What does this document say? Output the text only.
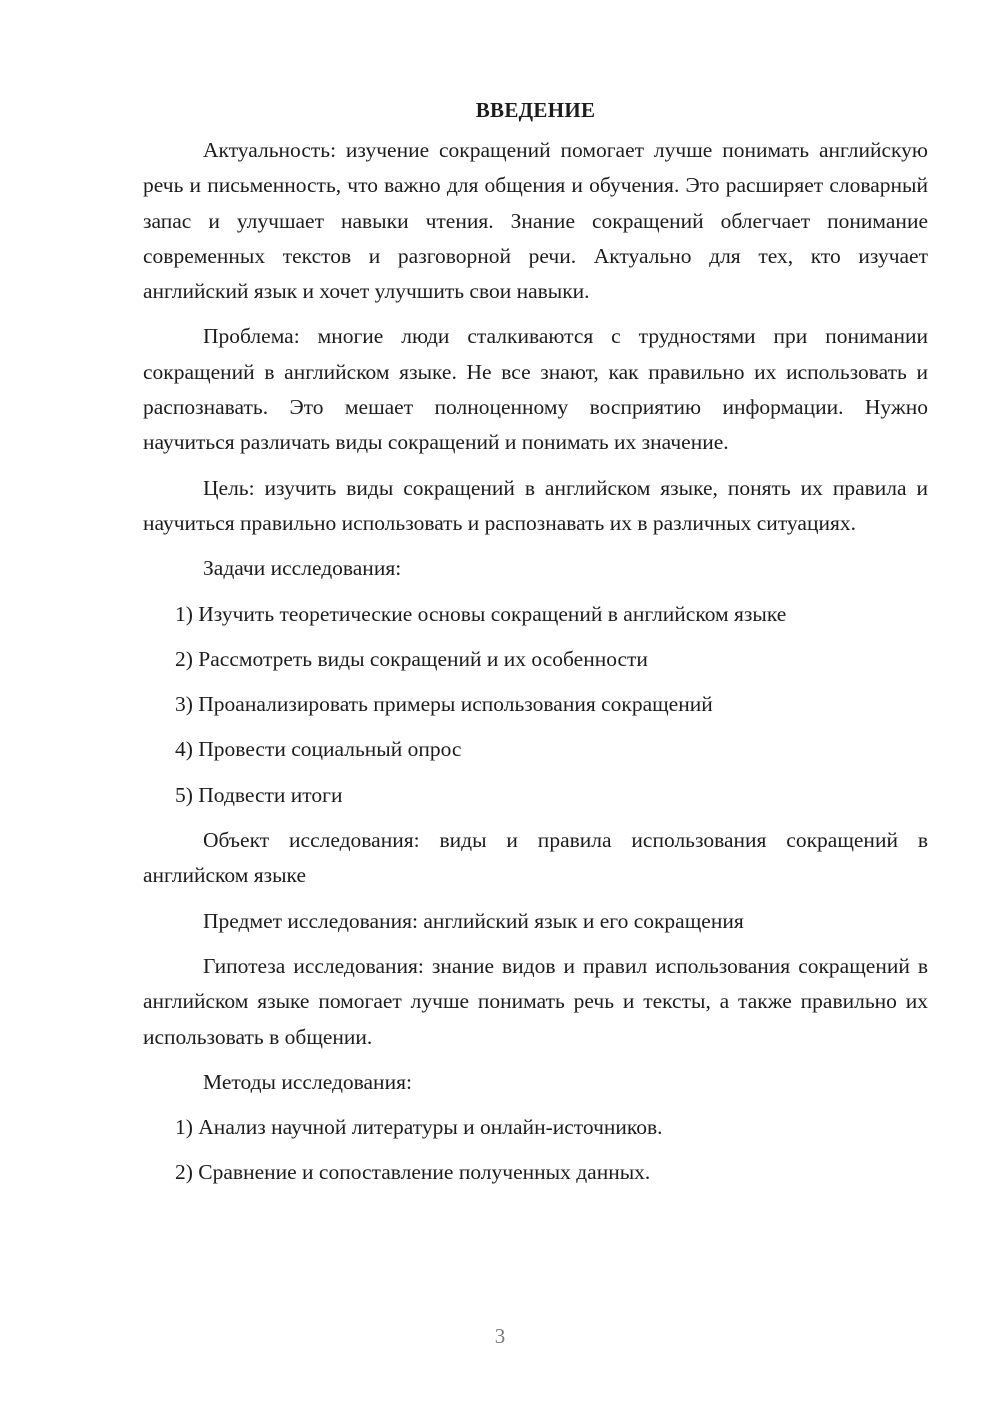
ВВЕДЕНИЕ

Актуальность: изучение сокращений помогает лучше понимать английскую речь и письменность, что важно для общения и обучения. Это расширяет словарный запас и улучшает навыки чтения. Знание сокращений облегчает понимание современных текстов и разговорной речи. Актуально для тех, кто изучает английский язык и хочет улучшить свои навыки.

Проблема: многие люди сталкиваются с трудностями при понимании сокращений в английском языке. Не все знают, как правильно их использовать и распознавать. Это мешает полноценному восприятию информации. Нужно научиться различать виды сокращений и понимать их значение.

Цель: изучить виды сокращений в английском языке, понять их правила и научиться правильно использовать и распознавать их в различных ситуациях.

Задачи исследования:

1) Изучить теоретические основы сокращений в английском языке

2) Рассмотреть виды сокращений и их особенности

3) Проанализировать примеры использования сокращений

4) Провести социальный опрос

5) Подвести итоги

Объект исследования: виды и правила использования сокращений в английском языке

Предмет исследования: английский язык и его сокращения

Гипотеза исследования: знание видов и правил использования сокращений в английском языке помогает лучше понимать речь и тексты, а также правильно их использовать в общении.

Методы исследования:

1) Анализ научной литературы и онлайн-источников.

2) Сравнение и сопоставление полученных данных.

3
